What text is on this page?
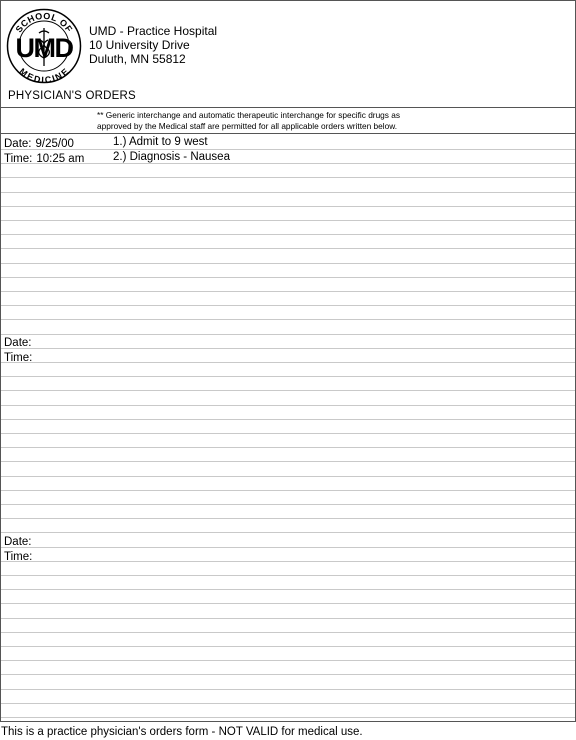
SCHOOL OF
MEDICINE
UMD
UMD - Practice Hospital
10 University Drive
Duluth, MN 55812
PHYSICIAN'S ORDERS
** Generic interchange and automatic therapeutic interchange for specific drugs as
approved by the Medical staff are permitted for all applicable orders written below.
Date: 9/25/00
Time: 10:25 am
1.) Admit to 9 west
2.) Diagnosis - Nausea
Date:
Time:
Date:
Time:
This is a practice physician's orders form - NOT VALID for medical use.
